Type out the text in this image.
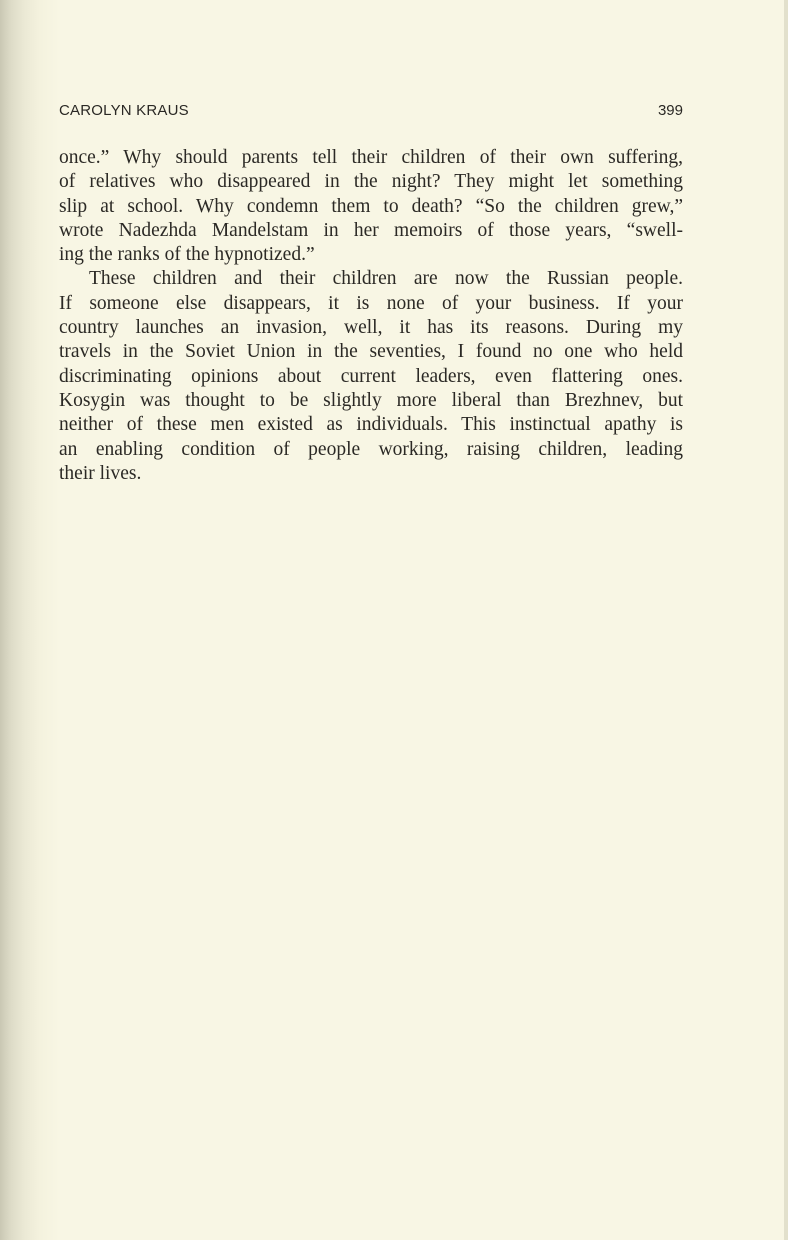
CAROLYN KRAUS	399
once.” Why should parents tell their children of their own suffering,
of relatives who disappeared in the night? They might let something
slip at school. Why condemn them to death? “So the children grew,”
wrote Nadezhda Mandelstam in her memoirs of those years, “swell-
ing the ranks of the hypnotized.”
These children and their children are now the Russian people.
If someone else disappears, it is none of your business. If your
country launches an invasion, well, it has its reasons. During my
travels in the Soviet Union in the seventies, I found no one who held
discriminating opinions about current leaders, even flattering ones.
Kosygin was thought to be slightly more liberal than Brezhnev, but
neither of these men existed as individuals. This instinctual apathy is
an enabling condition of people working, raising children, leading
their lives.
